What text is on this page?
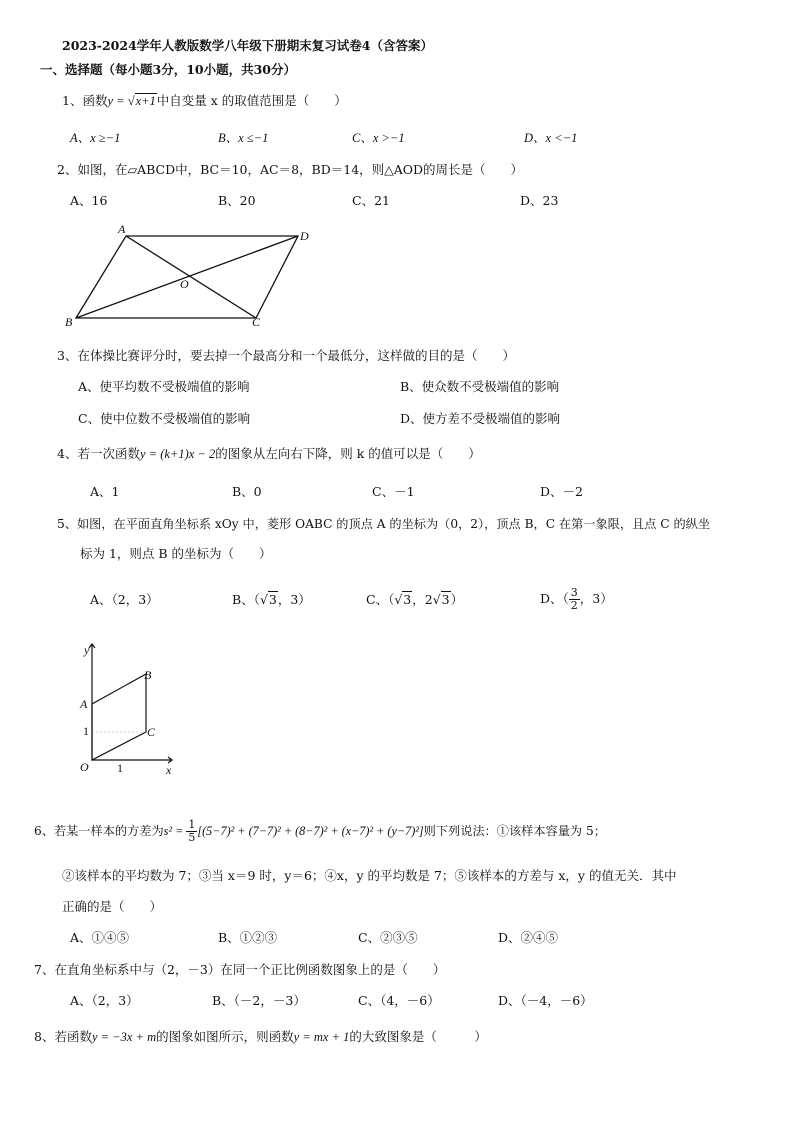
2023-2024学年人教版数学八年级下册期末复习试卷4（含答案）
一、选择题（每小题3分，10小题，共30分）
1、函数y = √x+1中自变量 x 的取值范围是（　　）
A、x ≥−1	B、x ≤−1	C、x >−1	D、x <−1
2、如图，在▱ABCD中，BC＝10，AC＝8，BD＝14，则△AOD的周长是（　　）
A、16	B、20	C、21	D、23
A	D
O
B	C
3、在体操比赛评分时，要去掉一个最高分和一个最低分，这样做的目的是（　　）
A、使平均数不受极端值的影响	B、使众数不受极端值的影响
C、使中位数不受极端值的影响	D、使方差不受极端值的影响
4、若一次函数y = (k+1)x − 2的图象从左向右下降，则 k 的值可以是（　　）
A、1	B、0	C、－1	D、－2
5、如图，在平面直角坐标系 xOy 中，菱形 OABC 的顶点 A 的坐标为（0，2），顶点 B，C 在第一象限，且点 C 的纵坐
标为 1，则点 B 的坐标为（　　）
A、（2，3）	B、（√3，3）	C、（√3，2√3）	D、（ $\frac{3}{2}$ ，3）
y
x
O
A
B
C
1
1
6、若某一样本的方差为$s^2 = \frac{1}{5} [(5-7)^2 + (7-7)^2 + (8-7)^2 + (x-7)^2 + (y-7)^2]$则下列说法：①该样本容量为 5；
②该样本的平均数为 7；③当 x＝9 时，y＝6；④x，y 的平均数是 7；⑤该样本的方差与 x，y 的值无关．其中
正确的是（　　）
A、①④⑤	B、①②③	C、②③⑤	D、②④⑤
7、在直角坐标系中与（2，－3）在同一个正比例函数图象上的是（　　）
A、（2，3）	B、（－2，－3）	C、（4，－6）	D、（－4，－6）
8、若函数y = −3x + m的图象如图所示，则函数y = mx + 1的大致图象是（　　　）
